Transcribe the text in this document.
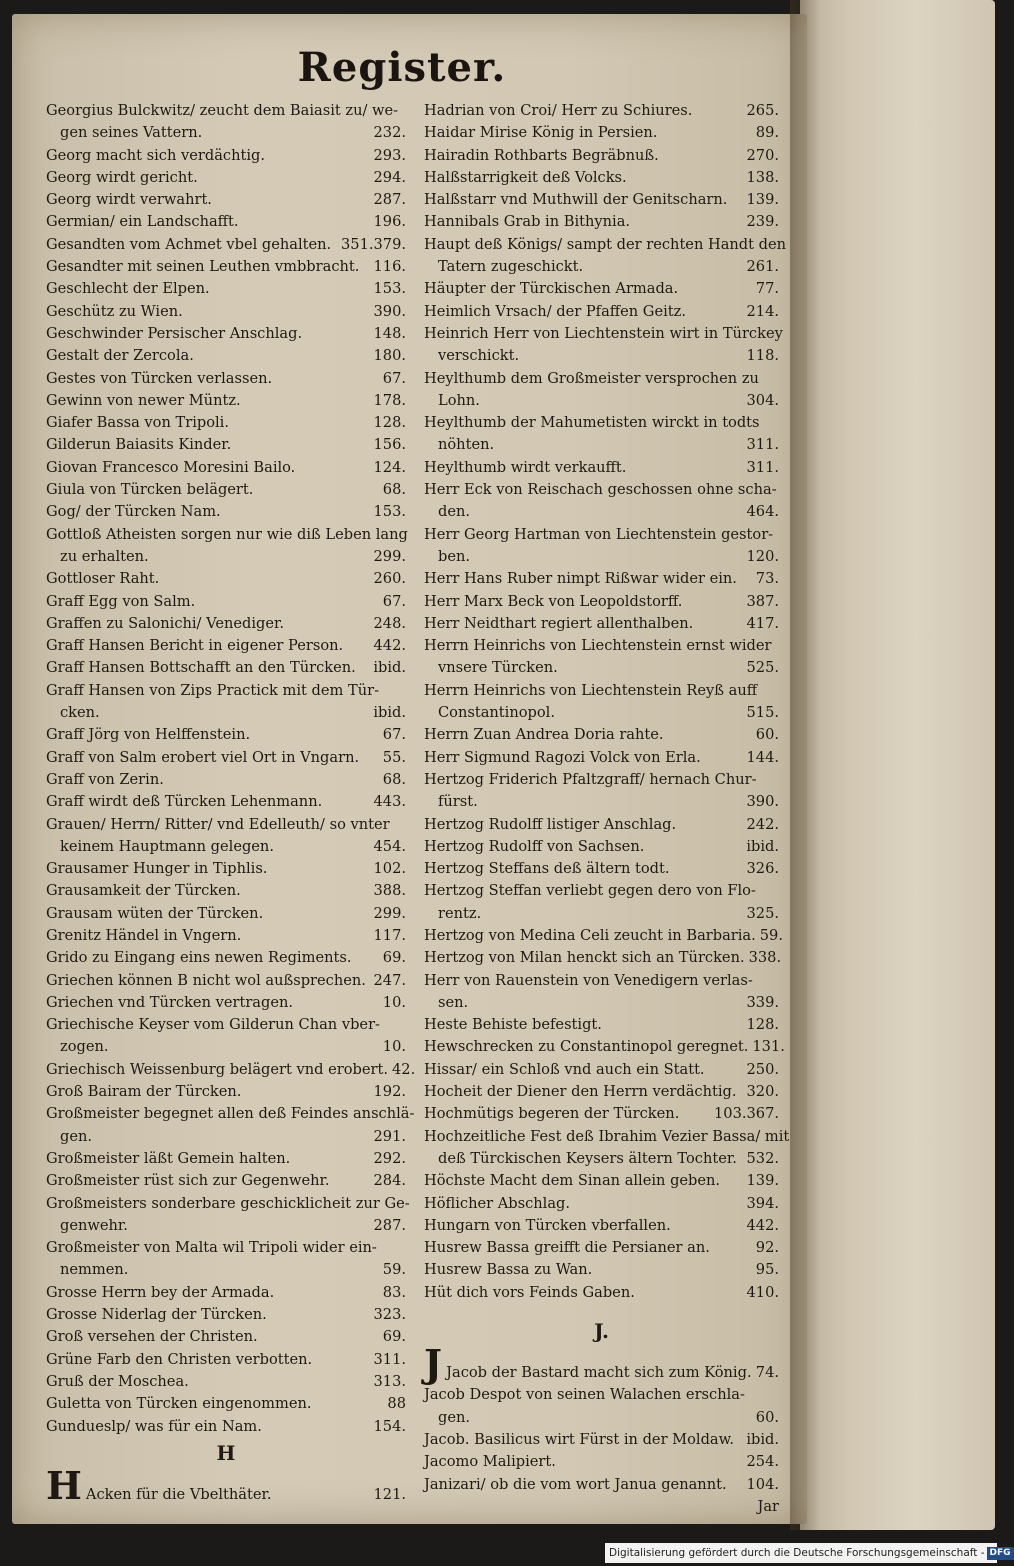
Register.
Georgius Bulckwitz/ zeucht dem Baiasit zu/ we-
gen seines Vattern.	232.
Georg macht sich verdächtig.	293.
Georg wirdt gericht.	294.
Georg wirdt verwahrt.	287.
Germian/ ein Landschafft.	196.
Gesandten vom Achmet vbel gehalten. 351.379.
Gesandter mit seinen Leuthen vmbbracht. 116.
Geschlecht der Elpen.	153.
Geschütz zu Wien.	390.
Geschwinder Persischer Anschlag.	148.
Gestalt der Zercola.	180.
Gestes von Türcken verlassen.	67.
Gewinn von newer Müntz.	178.
Giafer Bassa von Tripoli.	128.
Gilderun Baiasits Kinder.	156.
Giovan Francesco Moresini Bailo.	124.
Giula von Türcken belägert.	68.
Gog/ der Türcken Nam.	153.
Gottloß Atheisten sorgen nur wie diß Leben lang
zu erhalten.	299.
Gottloser Raht.	260.
Graff Egg von Salm.	67.
Graffen zu Salonichi/ Venediger.	248.
Graff Hansen Bericht in eigener Person. 442.
Graff Hansen Bottschafft an den Türcken. ibid.
Graff Hansen von Zips Practick mit dem Tür-
cken.	ibid.
Graff Jörg von Helffenstein.	67.
Graff von Salm erobert viel Ort in Vngarn. 55.
Graff von Zerin.	68.
Graff wirdt deß Türcken Lehenmann.	443.
Grauen/ Herrn/ Ritter/ vnd Edelleuth/ so vnter
keinem Hauptmann gelegen.	454.
Grausamer Hunger in Tiphlis.	102.
Grausamkeit der Türcken.	388.
Grausam wüten der Türcken.	299.
Grenitz Händel in Vngern.	117.
Grido zu Eingang eins newen Regiments. 69.
Griechen können B nicht wol außsprechen. 247.
Griechen vnd Türcken vertragen.	10.
Griechische Keyser vom Gilderun Chan vber-
zogen.	10.
Griechisch Weissenburg belägert vnd erobert. 42.
Groß Bairam der Türcken.	192.
Großmeister begegnet allen deß Feindes anschlä-
gen.	291.
Großmeister läßt Gemein halten.	292.
Großmeister rüst sich zur Gegenwehr.	284.
Großmeisters sonderbare geschicklicheit zur Ge-
genwehr.	287.
Großmeister von Malta wil Tripoli wider ein-
nemmen.	59.
Grosse Herrn bey der Armada.	83.
Grosse Niderlag der Türcken.	323.
Groß versehen der Christen.	69.
Grüne Farb den Christen verbotten.	311.
Gruß der Moschea.	313.
Guletta von Türcken eingenommen.	88
Gundueslp/ was für ein Nam.	154.
H
H Acken für die Vbelthäter.	121.
Hadrian von Croi/ Herr zu Schiures.	265.
Haidar Mirise König in Persien.	89.
Hairadin Rothbarts Begräbnuß.	270.
Halßstarrigkeit deß Volcks.	138.
Halßstarr vnd Muthwill der Genitscharn. 139.
Hannibals Grab in Bithynia.	239.
Haupt deß Königs/ sampt der rechten Handt den
Tatern zugeschickt.	261.
Häupter der Türckischen Armada.	77.
Heimlich Vrsach/ der Pfaffen Geitz.	214.
Heinrich Herr von Liechtenstein wirt in Türckey
verschickt.	118.
Heylthumb dem Großmeister versprochen zu
Lohn.	304.
Heylthumb der Mahumetisten wirckt in todts
nöhten.	311.
Heylthumb wirdt verkaufft.	311.
Herr Eck von Reischach geschossen ohne scha-
den.	464.
Herr Georg Hartman von Liechtenstein gestor-
ben.	120.
Herr Hans Ruber nimpt Rißwar wider ein. 73.
Herr Marx Beck von Leopoldstorff.	387.
Herr Neidthart regiert allenthalben.	417.
Herrn Heinrichs von Liechtenstein ernst wider
vnsere Türcken.	525.
Herrn Heinrichs von Liechtenstein Reyß auff
Constantinopol.	515.
Herrn Zuan Andrea Doria rahte.	60.
Herr Sigmund Ragozi Volck von Erla.	144.
Hertzog Friderich Pfaltzgraff/ hernach Chur-
fürst.	390.
Hertzog Rudolff listiger Anschlag.	242.
Hertzog Rudolff von Sachsen.	ibid.
Hertzog Steffans deß ältern todt.	326.
Hertzog Steffan verliebt gegen dero von Flo-
rentz.	325.
Hertzog von Medina Celi zeucht in Barbaria. 59.
Hertzog von Milan henckt sich an Türcken. 338.
Herr von Rauenstein von Venedigern verlas-
sen.	339.
Heste Behiste befestigt.	128.
Hewschrecken zu Constantinopol geregnet. 131.
Hissar/ ein Schloß vnd auch ein Statt.	250.
Hocheit der Diener den Herrn verdächtig. 320.
Hochmütigs begeren der Türcken. 103.367.
Hochzeitliche Fest deß Ibrahim Vezier Bassa/ mit
deß Türckischen Keysers ältern Tochter. 532.
Höchste Macht dem Sinan allein geben. 139.
Höflicher Abschlag.	394.
Hungarn von Türcken vberfallen.	442.
Husrew Bassa greifft die Persianer an.	92.
Husrew Bassa zu Wan.	95.
Hüt dich vors Feinds Gaben.	410.
J.
J Jacob der Bastard macht sich zum König. 74.
Jacob Despot von seinen Walachen erschla-
gen.	60.
Jacob. Basilicus wirt Fürst in der Moldaw. ibid.
Jacomo Malipiert.	254.
Janizari/ ob die vom wort Janua genannt. 104.
Jar
Digitalisierung gefördert durch die Deutsche Forschungsgemeinschaft - DFG
